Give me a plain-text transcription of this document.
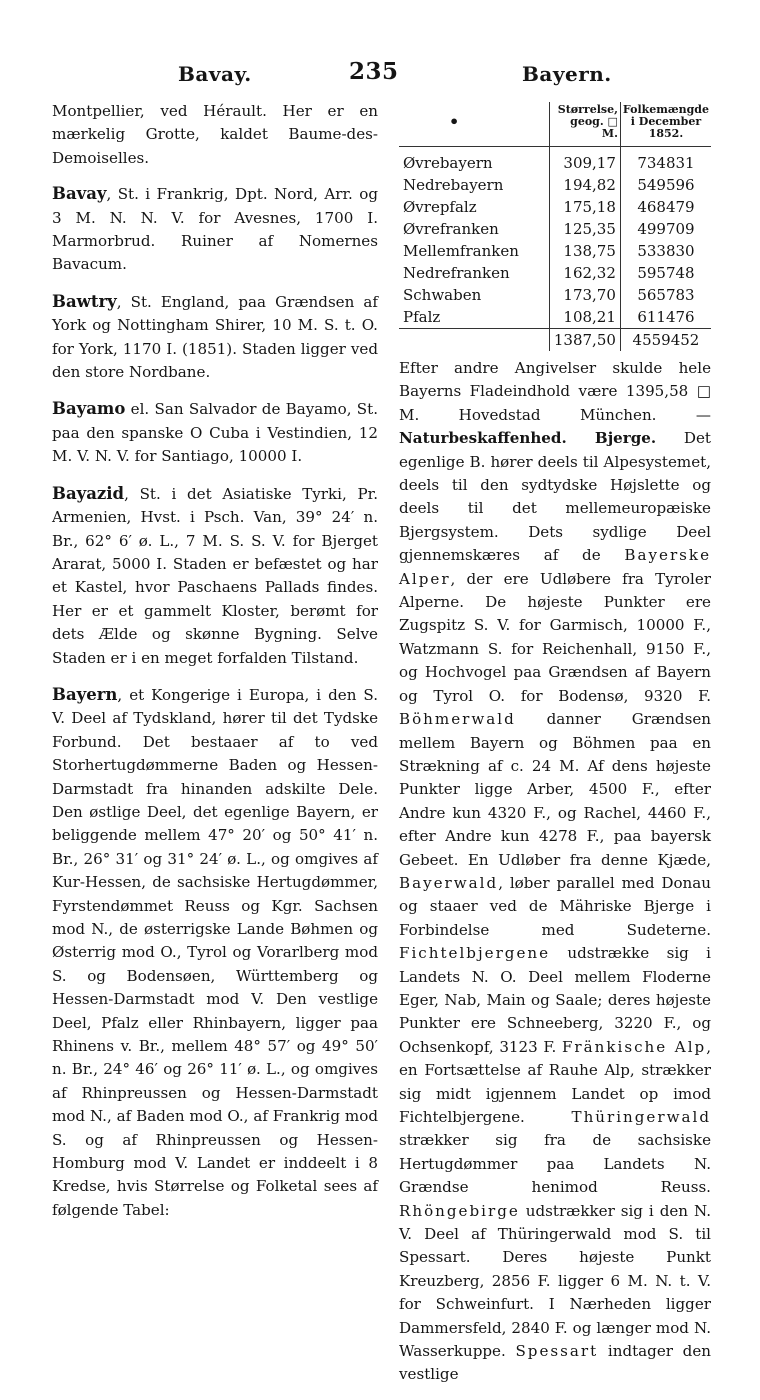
Bavay.	235	Bayern.

Montpellier, ved Hérault. Her er en mærkelig Grotte, kaldet Baume-des-Demoiselles.

Bavay, St. i Frankrig, Dpt. Nord, Arr. og 3 M. N. N. V. for Avesnes, 1700 I. Marmorbrud. Ruiner af Nomernes Bavacum.

Bawtry, St. England, paa Grændsen af York og Nottingham Shirer, 10 M. S. t. O. for York, 1170 I. (1851). Staden ligger ved den store Nordbane.

Bayamo el. San Salvador de Bayamo, St. paa den spanske O Cuba i Vestindien, 12 M. V. N. V. for Santiago, 10000 I.

Bayazid, St. i det Asiatiske Tyrki, Pr. Armenien, Hvst. i Psch. Van, 39° 24′ n. Br., 62° 6′ ø. L., 7 M. S. S. V. for Bjerget Ararat, 5000 I. Staden er befæstet og har et Kastel, hvor Paschaens Pallads findes. Her er et gammelt Kloster, berømt for dets Ælde og skønne Bygning. Selve Staden er i en meget forfalden Tilstand.

Bayern, et Kongerige i Europa, i den S. V. Deel af Tydskland, hører til det Tydske Forbund. Det bestaaer af to ved Storhertugdømmerne Baden og Hessen-Darmstadt fra hinanden adskilte Dele. Den østlige Deel, det egenlige Bayern, er beliggende mellem 47° 20′ og 50° 41′ n. Br., 26° 31′ og 31° 24′ ø. L., og omgives af Kur-Hessen, de sachsiske Hertugdømmer, Fyrstendømmet Reuss og Kgr. Sachsen mod N., de østerrigske Lande Bøhmen og Østerrig mod O., Tyrol og Vorarlberg mod S. og Bodensøen, Württemberg og Hessen-Darmstadt mod V. Den vestlige Deel, Pfalz eller Rhinbayern, ligger paa Rhinens v. Br., mellem 48° 57′ og 49° 50′ n. Br., 24° 46′ og 26° 11′ ø. L., og omgives af Rhinpreussen og Hessen-Darmstadt mod N., af Baden mod O., af Frankrig mod S. og af Rhinpreussen og Hessen-Homburg mod V. Landet er inddeelt i 8 Kredse, hvis Størrelse og Folketal sees af følgende Tabel:

•	Størrelse, geog. □ M.	Folkemængde i December 1852.
Øvrebayern	309,17	734831
Nedrebayern	194,82	549596
Øvrepfalz	175,18	468479
Øvrefranken	125,35	499709
Mellemfranken	138,75	533830
Nedrefranken	162,32	595748
Schwaben	173,70	565783
Pfalz	108,21	611476
	1387,50	4559452

Efter andre Angivelser skulde hele Bayerns Fladeindhold være 1395,58 □ M. Hovedstad München. — Naturbeskaffenhed. Bjerge. Det egenlige B. hører deels til Alpesystemet, deels til den sydtydske Højslette og deels til det mellemeuropæiske Bjergsystem. Dets sydlige Deel gjennemskæres af de Bayerske Alper, der ere Udløbere fra Tyroler Alperne. De højeste Punkter ere Zugspitz S. V. for Garmisch, 10000 F., Watzmann S. for Reichenhall, 9150 F., og Hochvogel paa Grændsen af Bayern og Tyrol O. for Bodensø, 9320 F. Böhmerwald danner Grændsen mellem Bayern og Böhmen paa en Strækning af c. 24 M. Af dens højeste Punkter ligge Arber, 4500 F., efter Andre kun 4320 F., og Rachel, 4460 F., efter Andre kun 4278 F., paa bayersk Gebeet. En Udløber fra denne Kjæde, Bayerwald, løber parallel med Donau og staaer ved de Mähriske Bjerge i Forbindelse med Sudeterne. Fichtelbjergene udstrække sig i Landets N. O. Deel mellem Floderne Eger, Nab, Main og Saale; deres højeste Punkter ere Schneeberg, 3220 F., og Ochsenkopf, 3123 F. Fränkische Alp, en Fortsættelse af Rauhe Alp, strækker sig midt igjennem Landet op imod Fichtelbjergene. Thüringerwald strækker sig fra de sachsiske Hertugdømmer paa Landets N. Grændse henimod Reuss. Rhöngebirge udstrækker sig i den N. V. Deel af Thüringerwald mod S. til Spessart. Deres højeste Punkt Kreuzberg, 2856 F. ligger 6 M. N. t. V. for Schweinfurt. I Nærheden ligger Dammersfeld, 2840 F. og længer mod N. Wasserkuppe. Spessart indtager den vestlige
